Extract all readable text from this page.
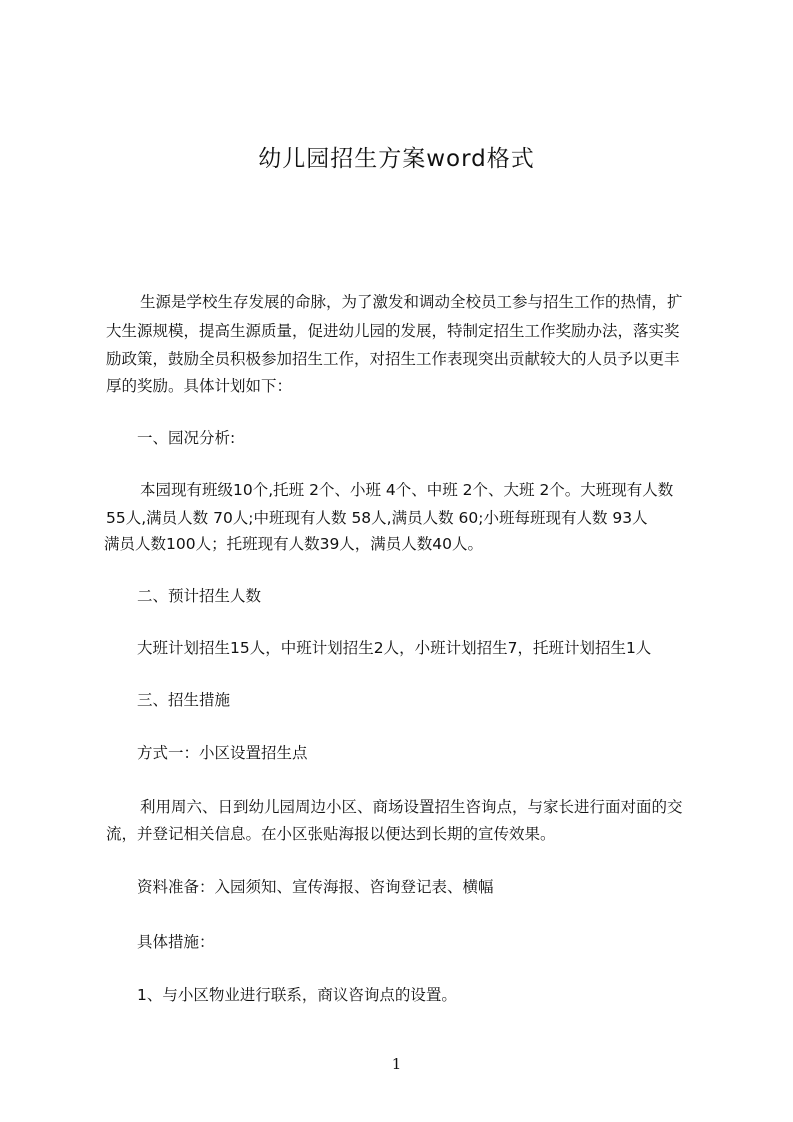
幼儿园招生方案word格式

生源是学校生存发展的命脉，为了激发和调动全校员工参与招生工作的热情，扩

大生源规模，提高生源质量，促进幼儿园的发展，特制定招生工作奖励办法，落实奖

励政策，鼓励全员积极参加招生工作，对招生工作表现突出贡献较大的人员予以更丰

厚的奖励。具体计划如下：

一、园况分析:

本园现有班级10个,托班 2个、小班 4个、中班 2个、大班 2个。大班现有人数

55人,满员人数 70人;中班现有人数 58人,满员人数 60;小班每班现有人数 93人

满员人数100人；托班现有人数39人，满员人数40人。

二、预计招生人数

大班计划招生15人，中班计划招生2人，小班计划招生7，托班计划招生1人

三、招生措施

方式一：小区设置招生点

利用周六、日到幼儿园周边小区、商场设置招生咨询点，与家长进行面对面的交

流，并登记相关信息。在小区张贴海报以便达到长期的宣传效果。

资料准备：入园须知、宣传海报、咨询登记表、横幅

具体措施：

1、与小区物业进行联系，商议咨询点的设置。

1
